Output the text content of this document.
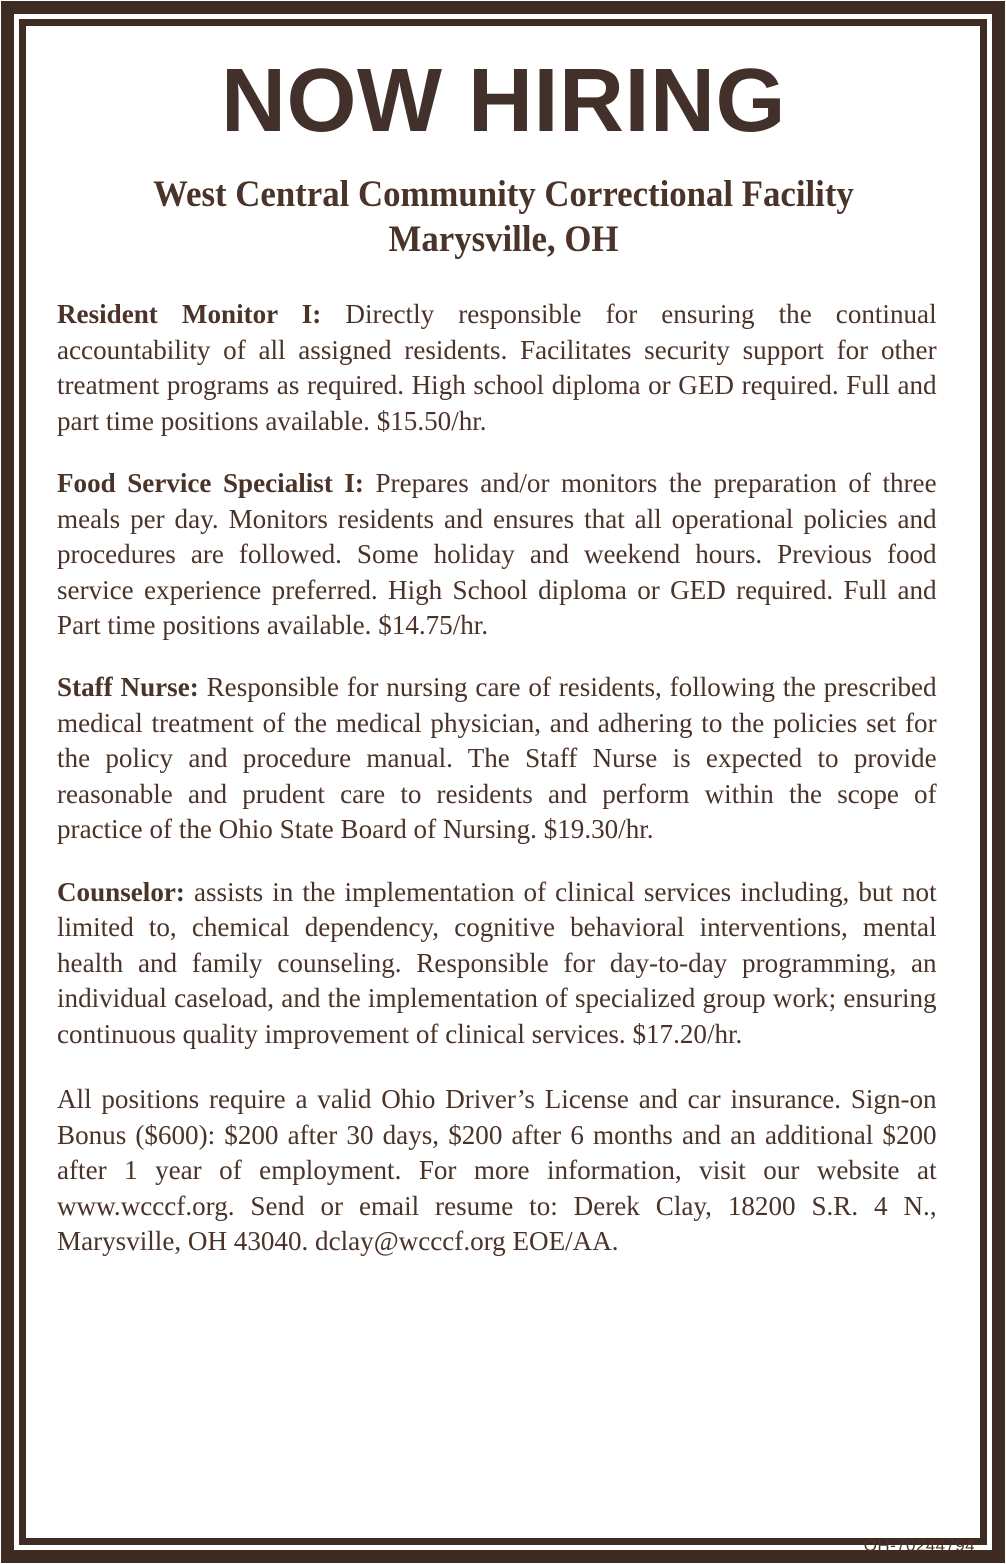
NOW HIRING
West Central Community Correctional Facility
Marysville, OH

Resident Monitor I: Directly responsible for ensuring the continual accountability of all assigned residents. Facilitates security support for other treatment programs as required. High school diploma or GED required. Full and part time positions available. $15.50/hr.

Food Service Specialist I: Prepares and/or monitors the preparation of three meals per day. Monitors residents and ensures that all operational policies and procedures are followed. Some holiday and weekend hours. Previous food service experience preferred. High School diploma or GED required. Full and Part time positions available. $14.75/hr.

Staff Nurse: Responsible for nursing care of residents, following the prescribed medical treatment of the medical physician, and adhering to the policies set for the policy and procedure manual. The Staff Nurse is expected to provide reasonable and prudent care to residents and perform within the scope of practice of the Ohio State Board of Nursing. $19.30/hr.

Counselor: assists in the implementation of clinical services including, but not limited to, chemical dependency, cognitive behavioral interventions, mental health and family counseling. Responsible for day-to-day programming, an individual caseload, and the implementation of specialized group work; ensuring continuous quality improvement of clinical services. $17.20/hr.

All positions require a valid Ohio Driver’s License and car insurance. Sign-on Bonus ($600): $200 after 30 days, $200 after 6 months and an additional $200 after 1 year of employment. For more information, visit our website at www.wcccf.org. Send or email resume to: Derek Clay, 18200 S.R. 4 N., Marysville, OH 43040. dclay@wcccf.org EOE/AA.

OH-70244794
